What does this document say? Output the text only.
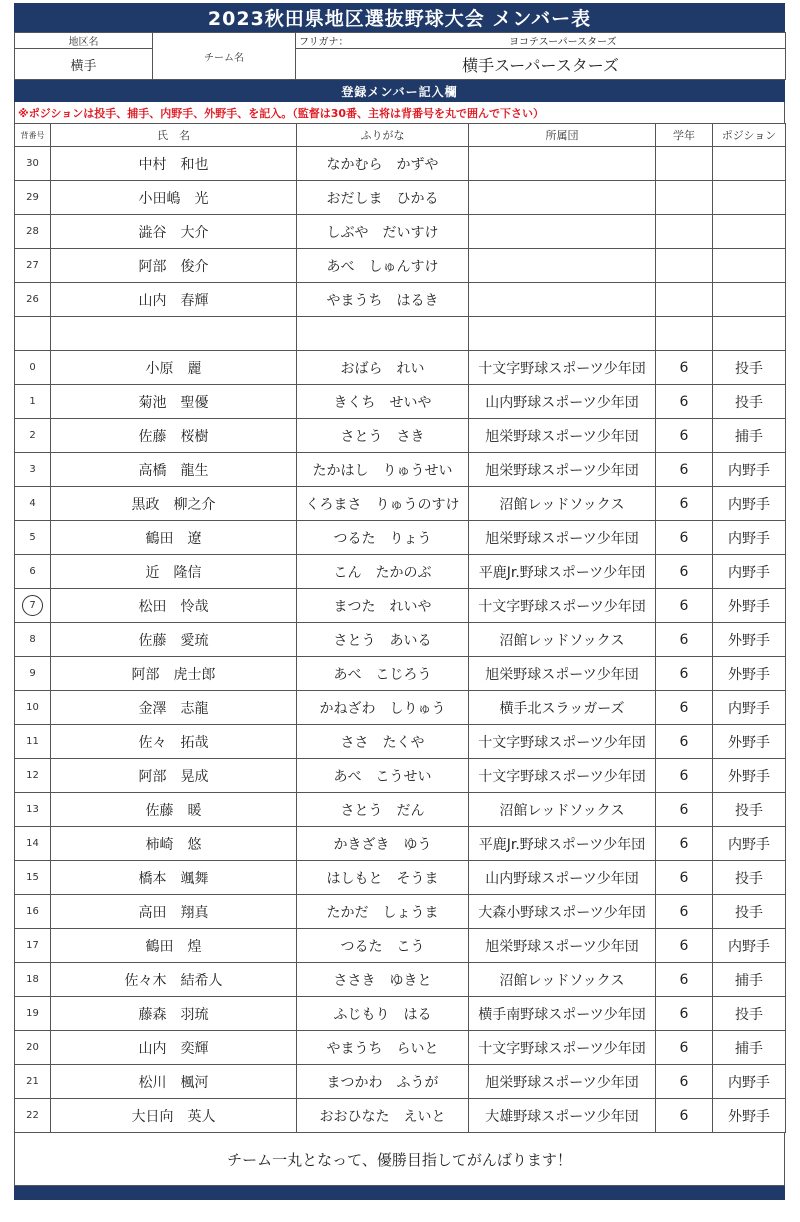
2023秋田県地区選抜野球大会 メンバー表
地区名	チーム名	フリガナ： ヨコテスーパースターズ

横手		横手スーパースターズ
登録メンバー記入欄
※ポジションは投手、捕手、内野手、外野手、を記入。（監督は30番、主将は背番号を丸で囲んで下さい）
背番号	氏　名	ふりがな	所属団	学年	ポジション
30	中村　和也	なかむら　かずや			
29	小田嶋　光	おだしま　ひかる			
28	澁谷　大介	しぶや　だいすけ			
27	阿部　俊介	あべ　しゅんすけ			
26	山内　春輝	やまうち　はるき			

0	小原　麗	おばら　れい	十文字野球スポーツ少年団	6	投手
1	菊池　聖優	きくち　せいや	山内野球スポーツ少年団	6	投手
2	佐藤　桜樹	さとう　さき	旭栄野球スポーツ少年団	6	捕手
3	高橋　龍生	たかはし　りゅうせい	旭栄野球スポーツ少年団	6	内野手
4	黒政　柳之介	くろまさ　りゅうのすけ	沼館レッドソックス	6	内野手
5	鶴田　遼	つるた　りょう	旭栄野球スポーツ少年団	6	内野手
6	近　隆信	こん　たかのぶ	平鹿Jr.野球スポーツ少年団	6	内野手
7	松田　怜哉	まつた　れいや	十文字野球スポーツ少年団	6	外野手
8	佐藤　愛琉	さとう　あいる	沼館レッドソックス	6	外野手
9	阿部　虎士郎	あべ　こじろう	旭栄野球スポーツ少年団	6	外野手
10	金澤　志龍	かねざわ　しりゅう	横手北スラッガーズ	6	内野手
11	佐々　拓哉	ささ　たくや	十文字野球スポーツ少年団	6	外野手
12	阿部　晃成	あべ　こうせい	十文字野球スポーツ少年団	6	外野手
13	佐藤　暖	さとう　だん	沼館レッドソックス	6	投手
14	柿崎　悠	かきざき　ゆう	平鹿Jr.野球スポーツ少年団	6	内野手
15	橋本　颯舞	はしもと　そうま	山内野球スポーツ少年団	6	投手
16	高田　翔真	たかだ　しょうま	大森小野球スポーツ少年団	6	投手
17	鶴田　煌	つるた　こう	旭栄野球スポーツ少年団	6	内野手
18	佐々木　結希人	ささき　ゆきと	沼館レッドソックス	6	捕手
19	藤森　羽琉	ふじもり　はる	横手南野球スポーツ少年団	6	投手
20	山内　奕輝	やまうち　らいと	十文字野球スポーツ少年団	6	捕手
21	松川　楓河	まつかわ　ふうが	旭栄野球スポーツ少年団	6	内野手
22	大日向　英人	おおひなた　えいと	大雄野球スポーツ少年団	6	外野手
チーム一丸となって、優勝目指してがんばります！
